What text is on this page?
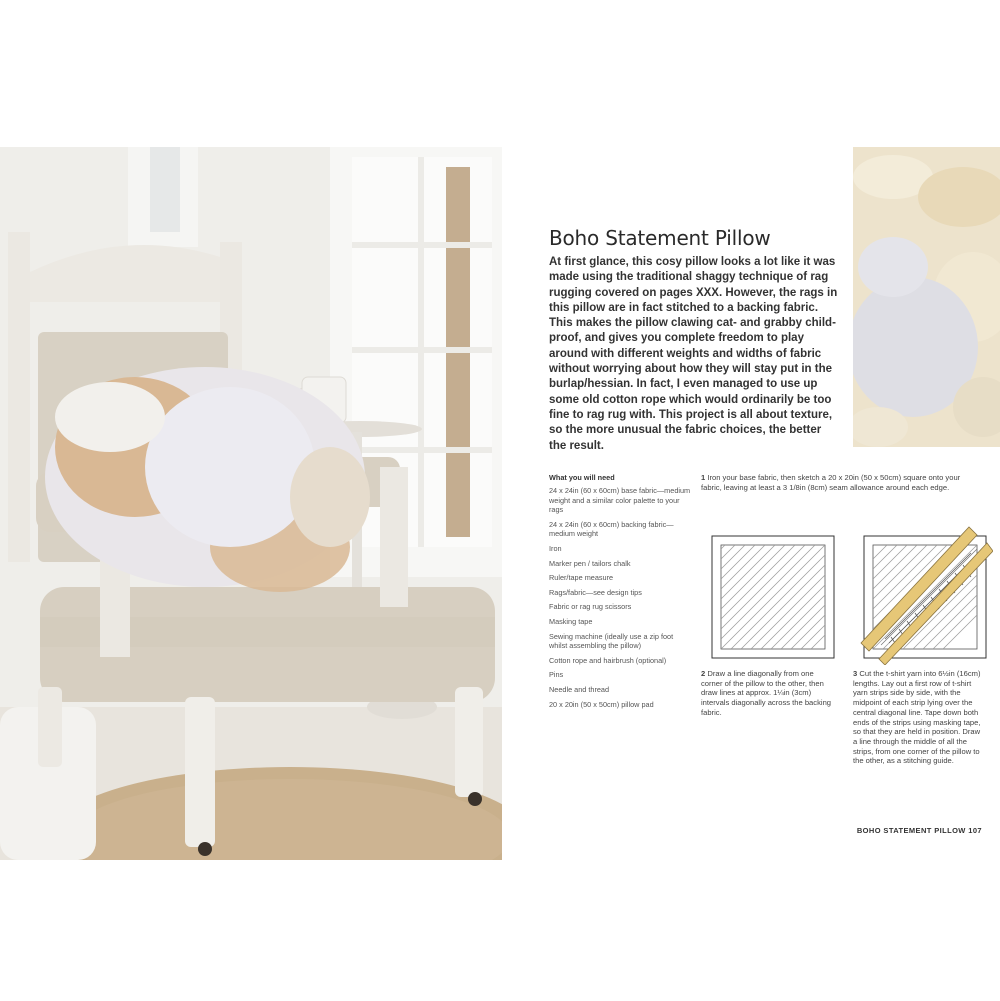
Boho Statement Pillow

At first glance, this cosy pillow looks a lot like it was made using the traditional shaggy technique of rag rugging covered on pages XXX. However, the rags in this pillow are in fact stitched to a backing fabric. This makes the pillow clawing cat- and grabby child-proof, and gives you complete freedom to play around with different weights and widths of fabric without worrying about how they will stay put in the burlap/hessian. In fact, I even managed to use up some old cotton rope which would ordinarily be too fine to rag rug with. This project is all about texture, so the more unusual the fabric choices, the better the result.

What you will need
24 x 24in (60 x 60cm) base fabric—medium weight and a similar color palette to your rags
24 x 24in (60 x 60cm) backing fabric—medium weight
Iron
Marker pen / tailors chalk
Ruler/tape measure
Rags/fabric—see design tips
Fabric or rag rug scissors
Masking tape
Sewing machine (ideally use a zip foot whilst assembling the pillow)
Cotton rope and hairbrush (optional)
Pins
Needle and thread
20 x 20in (50 x 50cm) pillow pad

1 Iron your base fabric, then sketch a 20 x 20in (50 x 50cm) square onto your fabric, leaving at least a 3 1/8in (8cm) seam allowance around each edge.

2 Draw a line diagonally from one corner of the pillow to the other, then draw lines at approx. 1¼in (3cm) intervals diagonally across the backing fabric.

3 Cut the t-shirt yarn into 6½in (16cm) lengths. Lay out a first row of t-shirt yarn strips side by side, with the midpoint of each strip lying over the central diagonal line. Tape down both ends of the strips using masking tape, so that they are held in position. Draw a line through the middle of all the strips, from one corner of the pillow to the other, as a stitching guide.

BOHO STATEMENT PILLOW 107
